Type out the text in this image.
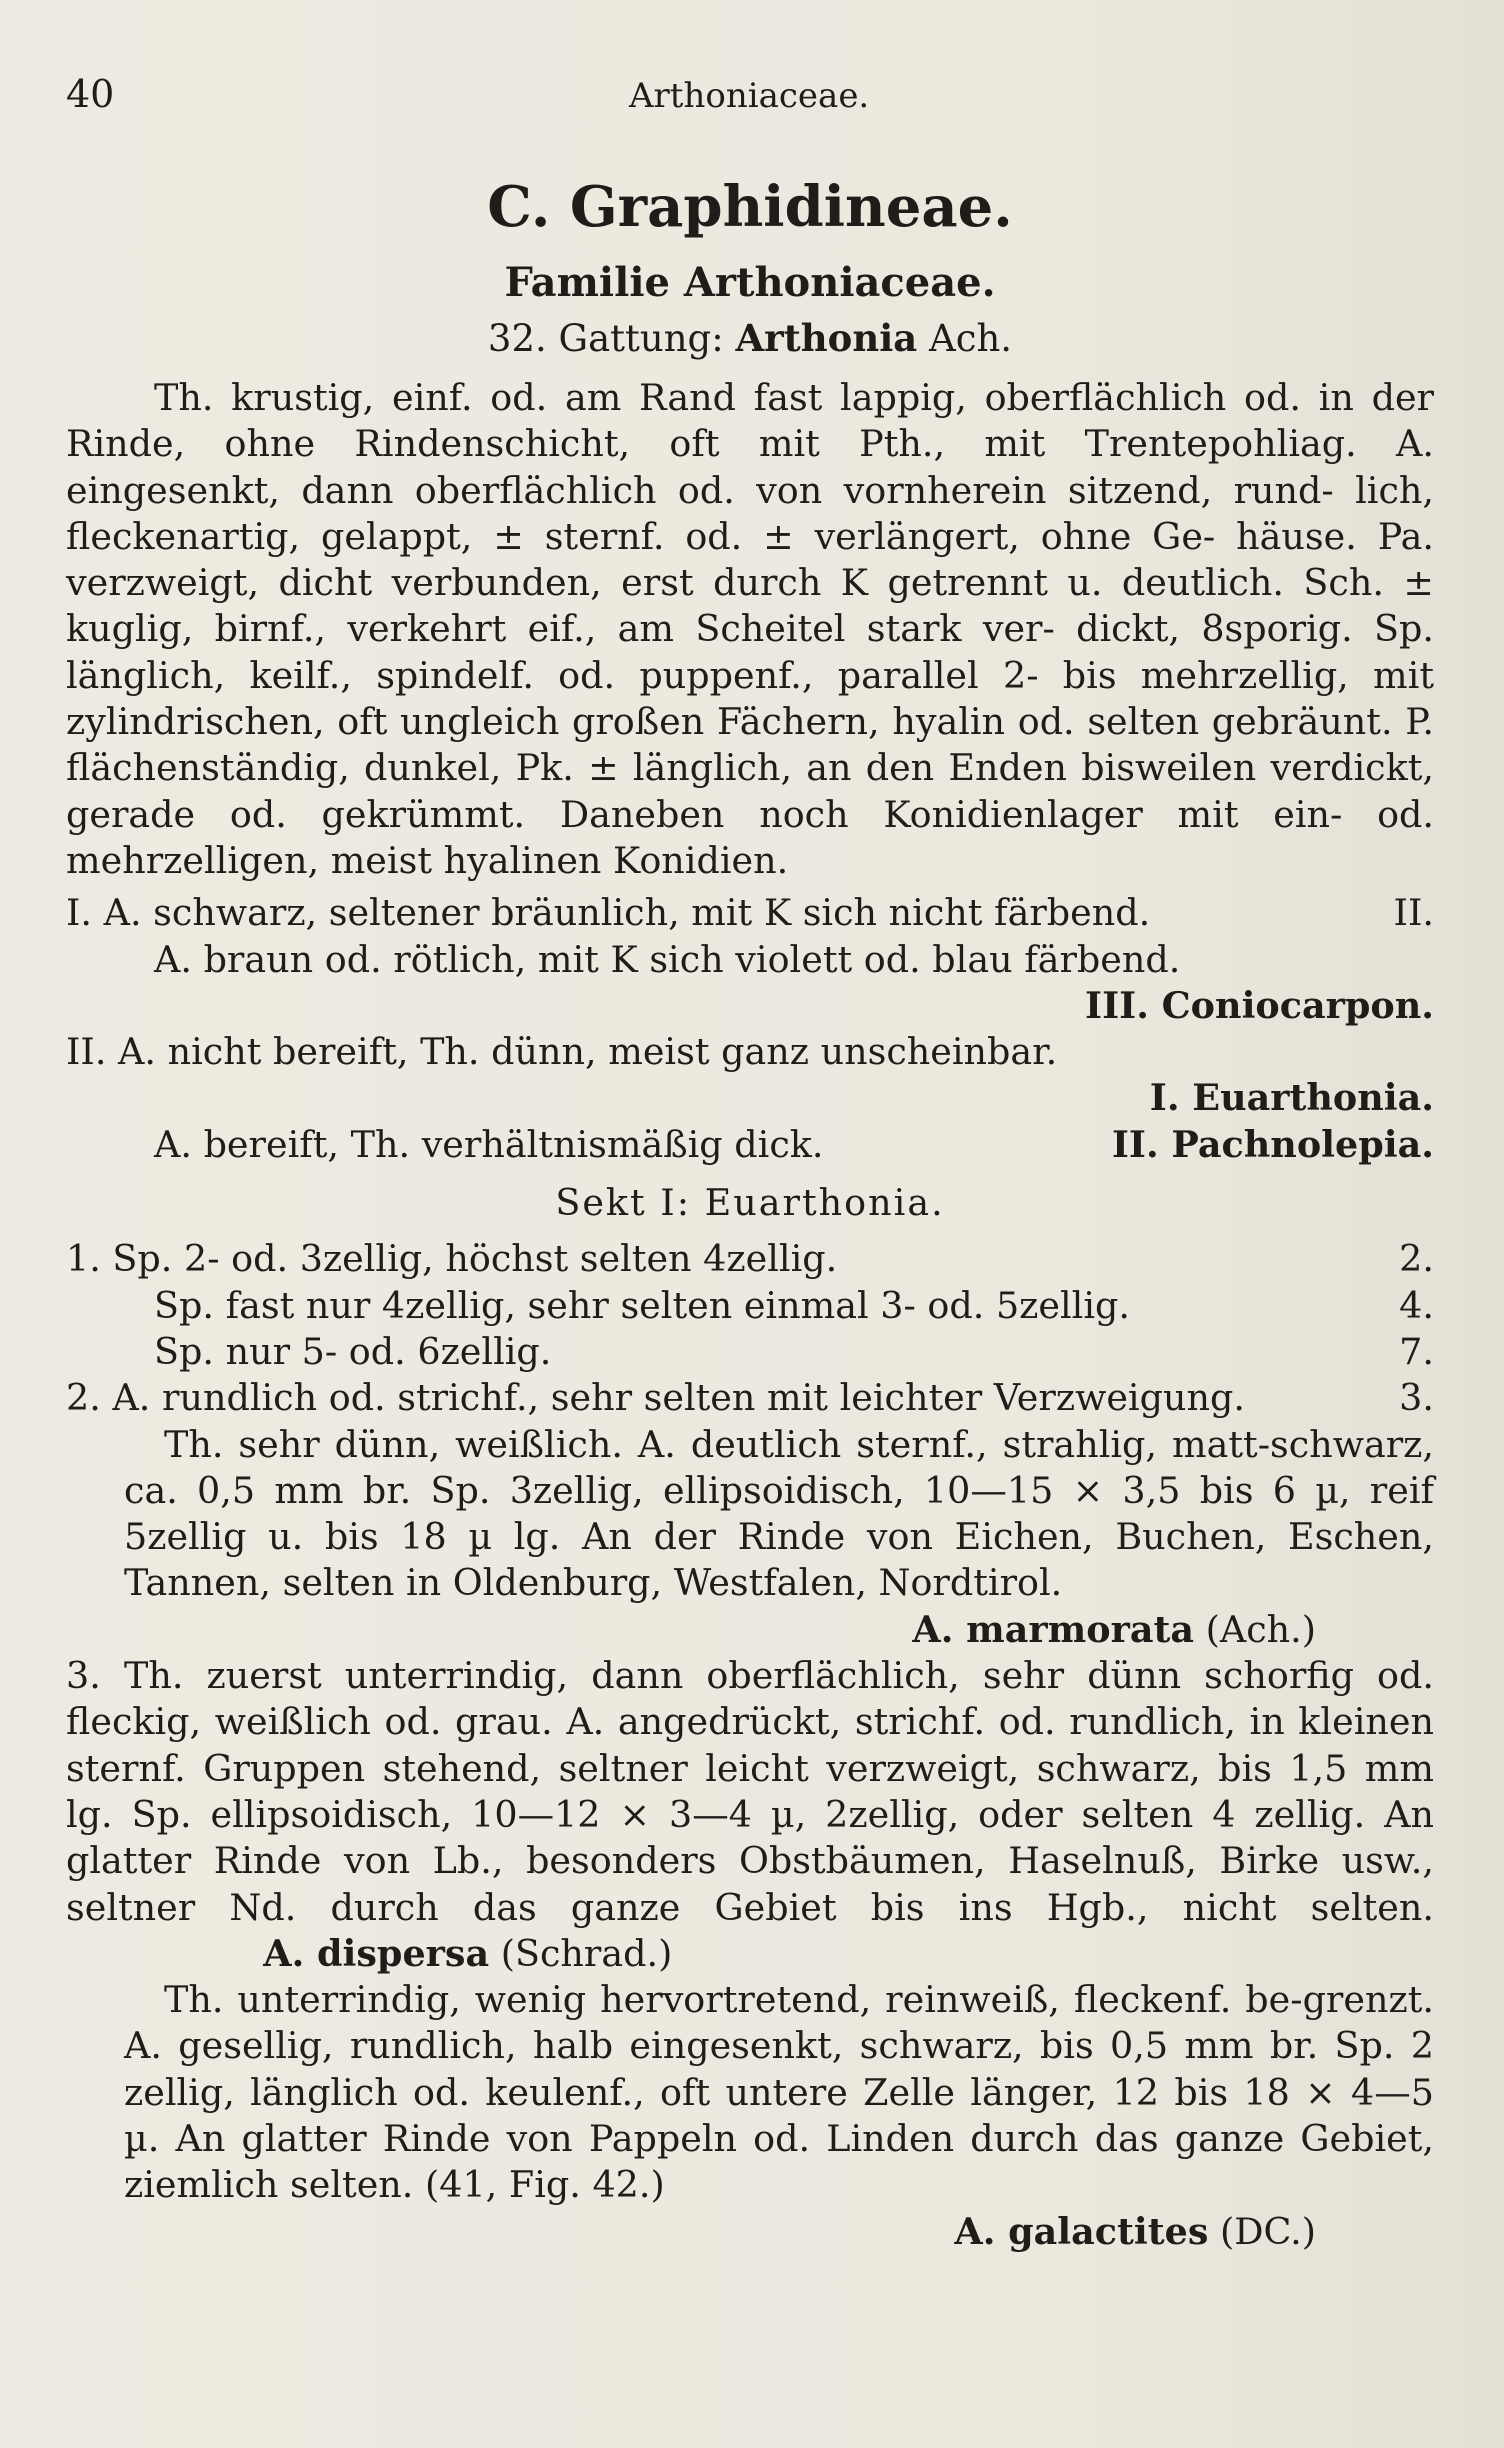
40	Arthoniaceae.
C. Graphidineae.
Familie Arthoniaceae.
32. Gattung: Arthonia Ach.
Th. krustig, einf. od. am Rand fast lappig, oberflächlich od. in der Rinde, ohne Rindenschicht, oft mit Pth., mit Trentepohliag. A. eingesenkt, dann oberflächlich od. von vornherein sitzend, rund- lich, fleckenartig, gelappt, ± sternf. od. ± verlängert, ohne Ge- häuse. Pa. verzweigt, dicht verbunden, erst durch K getrennt u. deutlich. Sch. ± kuglig, birnf., verkehrt eif., am Scheitel stark ver- dickt, 8sporig. Sp. länglich, keilf., spindelf. od. puppenf., parallel 2- bis mehrzellig, mit zylindrischen, oft ungleich großen Fächern, hyalin od. selten gebräunt. P. flächenständig, dunkel, Pk. ± länglich, an den Enden bisweilen verdickt, gerade od. gekrümmt. Daneben noch Konidienlager mit ein- od. mehrzelligen, meist hyalinen Konidien.
I. A. schwarz, seltener bräunlich, mit K sich nicht färbend.	II.
A. braun od. rötlich, mit K sich violett od. blau färbend.
III. Coniocarpon.
II. A. nicht bereift, Th. dünn, meist ganz unscheinbar.
I. Euarthonia.
A. bereift, Th. verhältnismäßig dick.	II. Pachnolepia.
Sekt I: Euarthonia.
1. Sp. 2- od. 3zellig, höchst selten 4zellig.	2.
Sp. fast nur 4zellig, sehr selten einmal 3- od. 5zellig.	4.
Sp. nur 5- od. 6zellig.	7.
2. A. rundlich od. strichf., sehr selten mit leichter Verzweigung.	3.
Th. sehr dünn, weißlich. A. deutlich sternf., strahlig, matt-schwarz, ca. 0,5 mm br. Sp. 3zellig, ellipsoidisch, 10—15 × 3,5 bis 6 µ, reif 5zellig u. bis 18 µ lg. An der Rinde von Eichen, Buchen, Eschen, Tannen, selten in Oldenburg, Westfalen, Nordtirol.
A. marmorata (Ach.)
3. Th. zuerst unterrindig, dann oberflächlich, sehr dünn schorfig od. fleckig, weißlich od. grau. A. angedrückt, strichf. od. rundlich, in kleinen sternf. Gruppen stehend, seltner leicht verzweigt, schwarz, bis 1,5 mm lg. Sp. ellipsoidisch, 10—12 × 3—4 µ, 2zellig, oder selten 4 zellig. An glatter Rinde von Lb., besonders Obstbäumen, Haselnuß, Birke usw., seltner Nd. durch das ganze Gebiet bis ins Hgb., nicht selten.                  A. dispersa (Schrad.)
Th. unterrindig, wenig hervortretend, reinweiß, fleckenf. be-grenzt. A. gesellig, rundlich, halb eingesenkt, schwarz, bis 0,5 mm br. Sp. 2 zellig, länglich od. keulenf., oft untere Zelle länger, 12 bis 18 × 4—5 µ. An glatter Rinde von Pappeln od. Linden durch das ganze Gebiet, ziemlich selten. (41, Fig. 42.)
A. galactites (DC.)
